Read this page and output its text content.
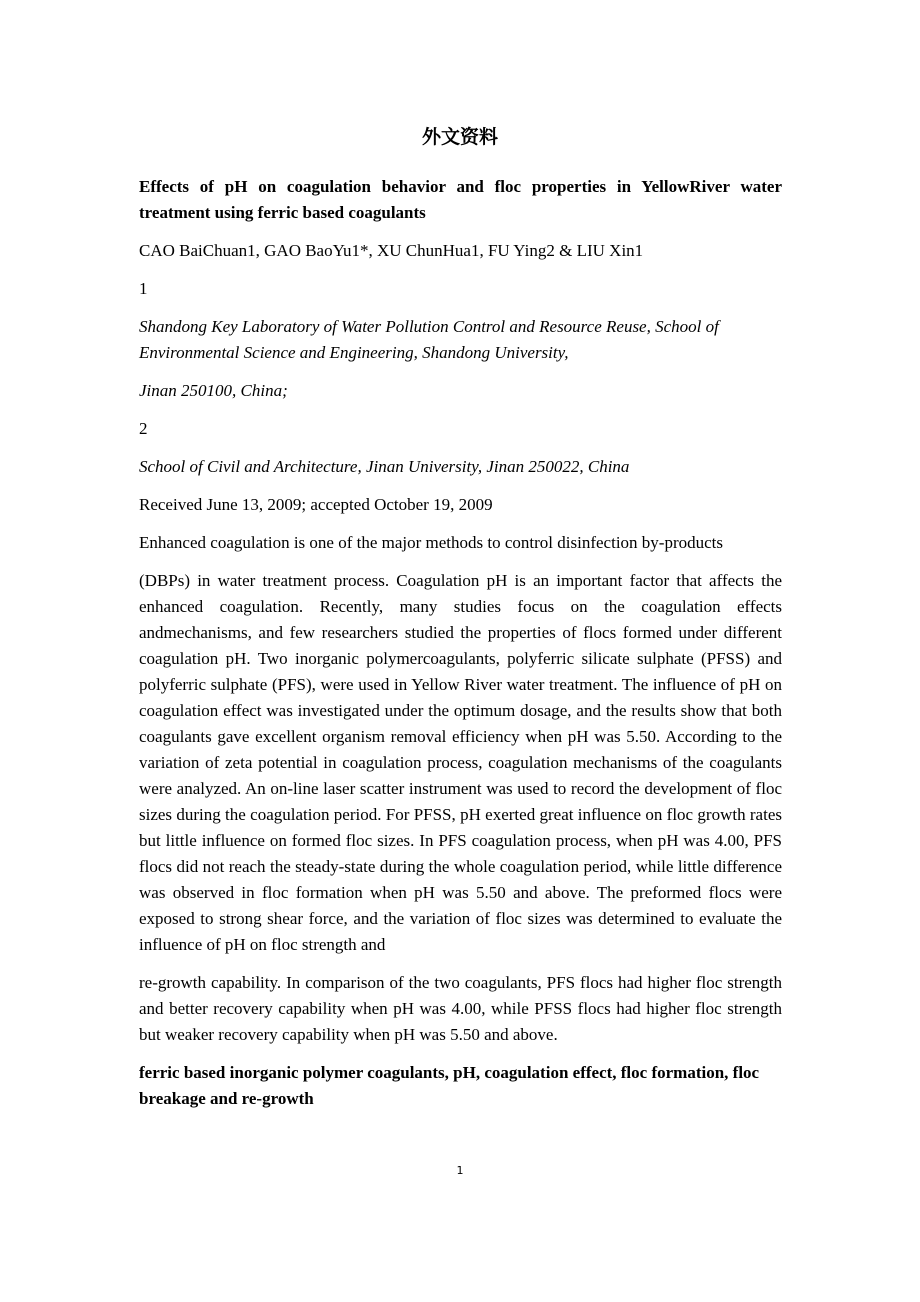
外文资料

Effects of pH on coagulation behavior and floc properties in YellowRiver water treatment using ferric based coagulants

CAO BaiChuan1, GAO BaoYu1*, XU ChunHua1, FU Ying2 & LIU Xin1

1

Shandong Key Laboratory of Water Pollution Control and Resource Reuse, School of Environmental Science and Engineering, Shandong University,

Jinan 250100, China;

2

School of Civil and Architecture, Jinan University, Jinan 250022, China

Received June 13, 2009; accepted October 19, 2009

Enhanced coagulation is one of the major methods to control disinfection by-products

(DBPs) in water treatment process. Coagulation pH is an important factor that affects the enhanced coagulation. Recently, many studies focus on the coagulation effects andmechanisms, and few researchers studied the properties of flocs formed under different coagulation pH. Two inorganic polymercoagulants, polyferric silicate sulphate (PFSS) and polyferric sulphate (PFS), were used in Yellow River water treatment. The influence of pH on coagulation effect was investigated under the optimum dosage, and the results show that both coagulants gave excellent organism removal efficiency when pH was 5.50. According to the variation of zeta potential in coagulation process, coagulation mechanisms of the coagulants were analyzed. An on-line laser scatter instrument was used to record the development of floc sizes during the coagulation period. For PFSS, pH exerted great influence on floc growth rates but little influence on formed floc sizes. In PFS coagulation process, when pH was 4.00, PFS flocs did not reach the steady-state during the whole coagulation period, while little difference was observed in floc formation when pH was 5.50 and above. The preformed flocs were exposed to strong shear force, and the variation of floc sizes was determined to evaluate the influence of pH on floc strength and

re-growth capability. In comparison of the two coagulants, PFS flocs had higher floc strength and better recovery capability when pH was 4.00, while PFSS flocs had higher floc strength but weaker recovery capability when pH was 5.50 and above.

ferric based inorganic polymer coagulants, pH, coagulation effect, floc formation, floc breakage and re-growth

1
